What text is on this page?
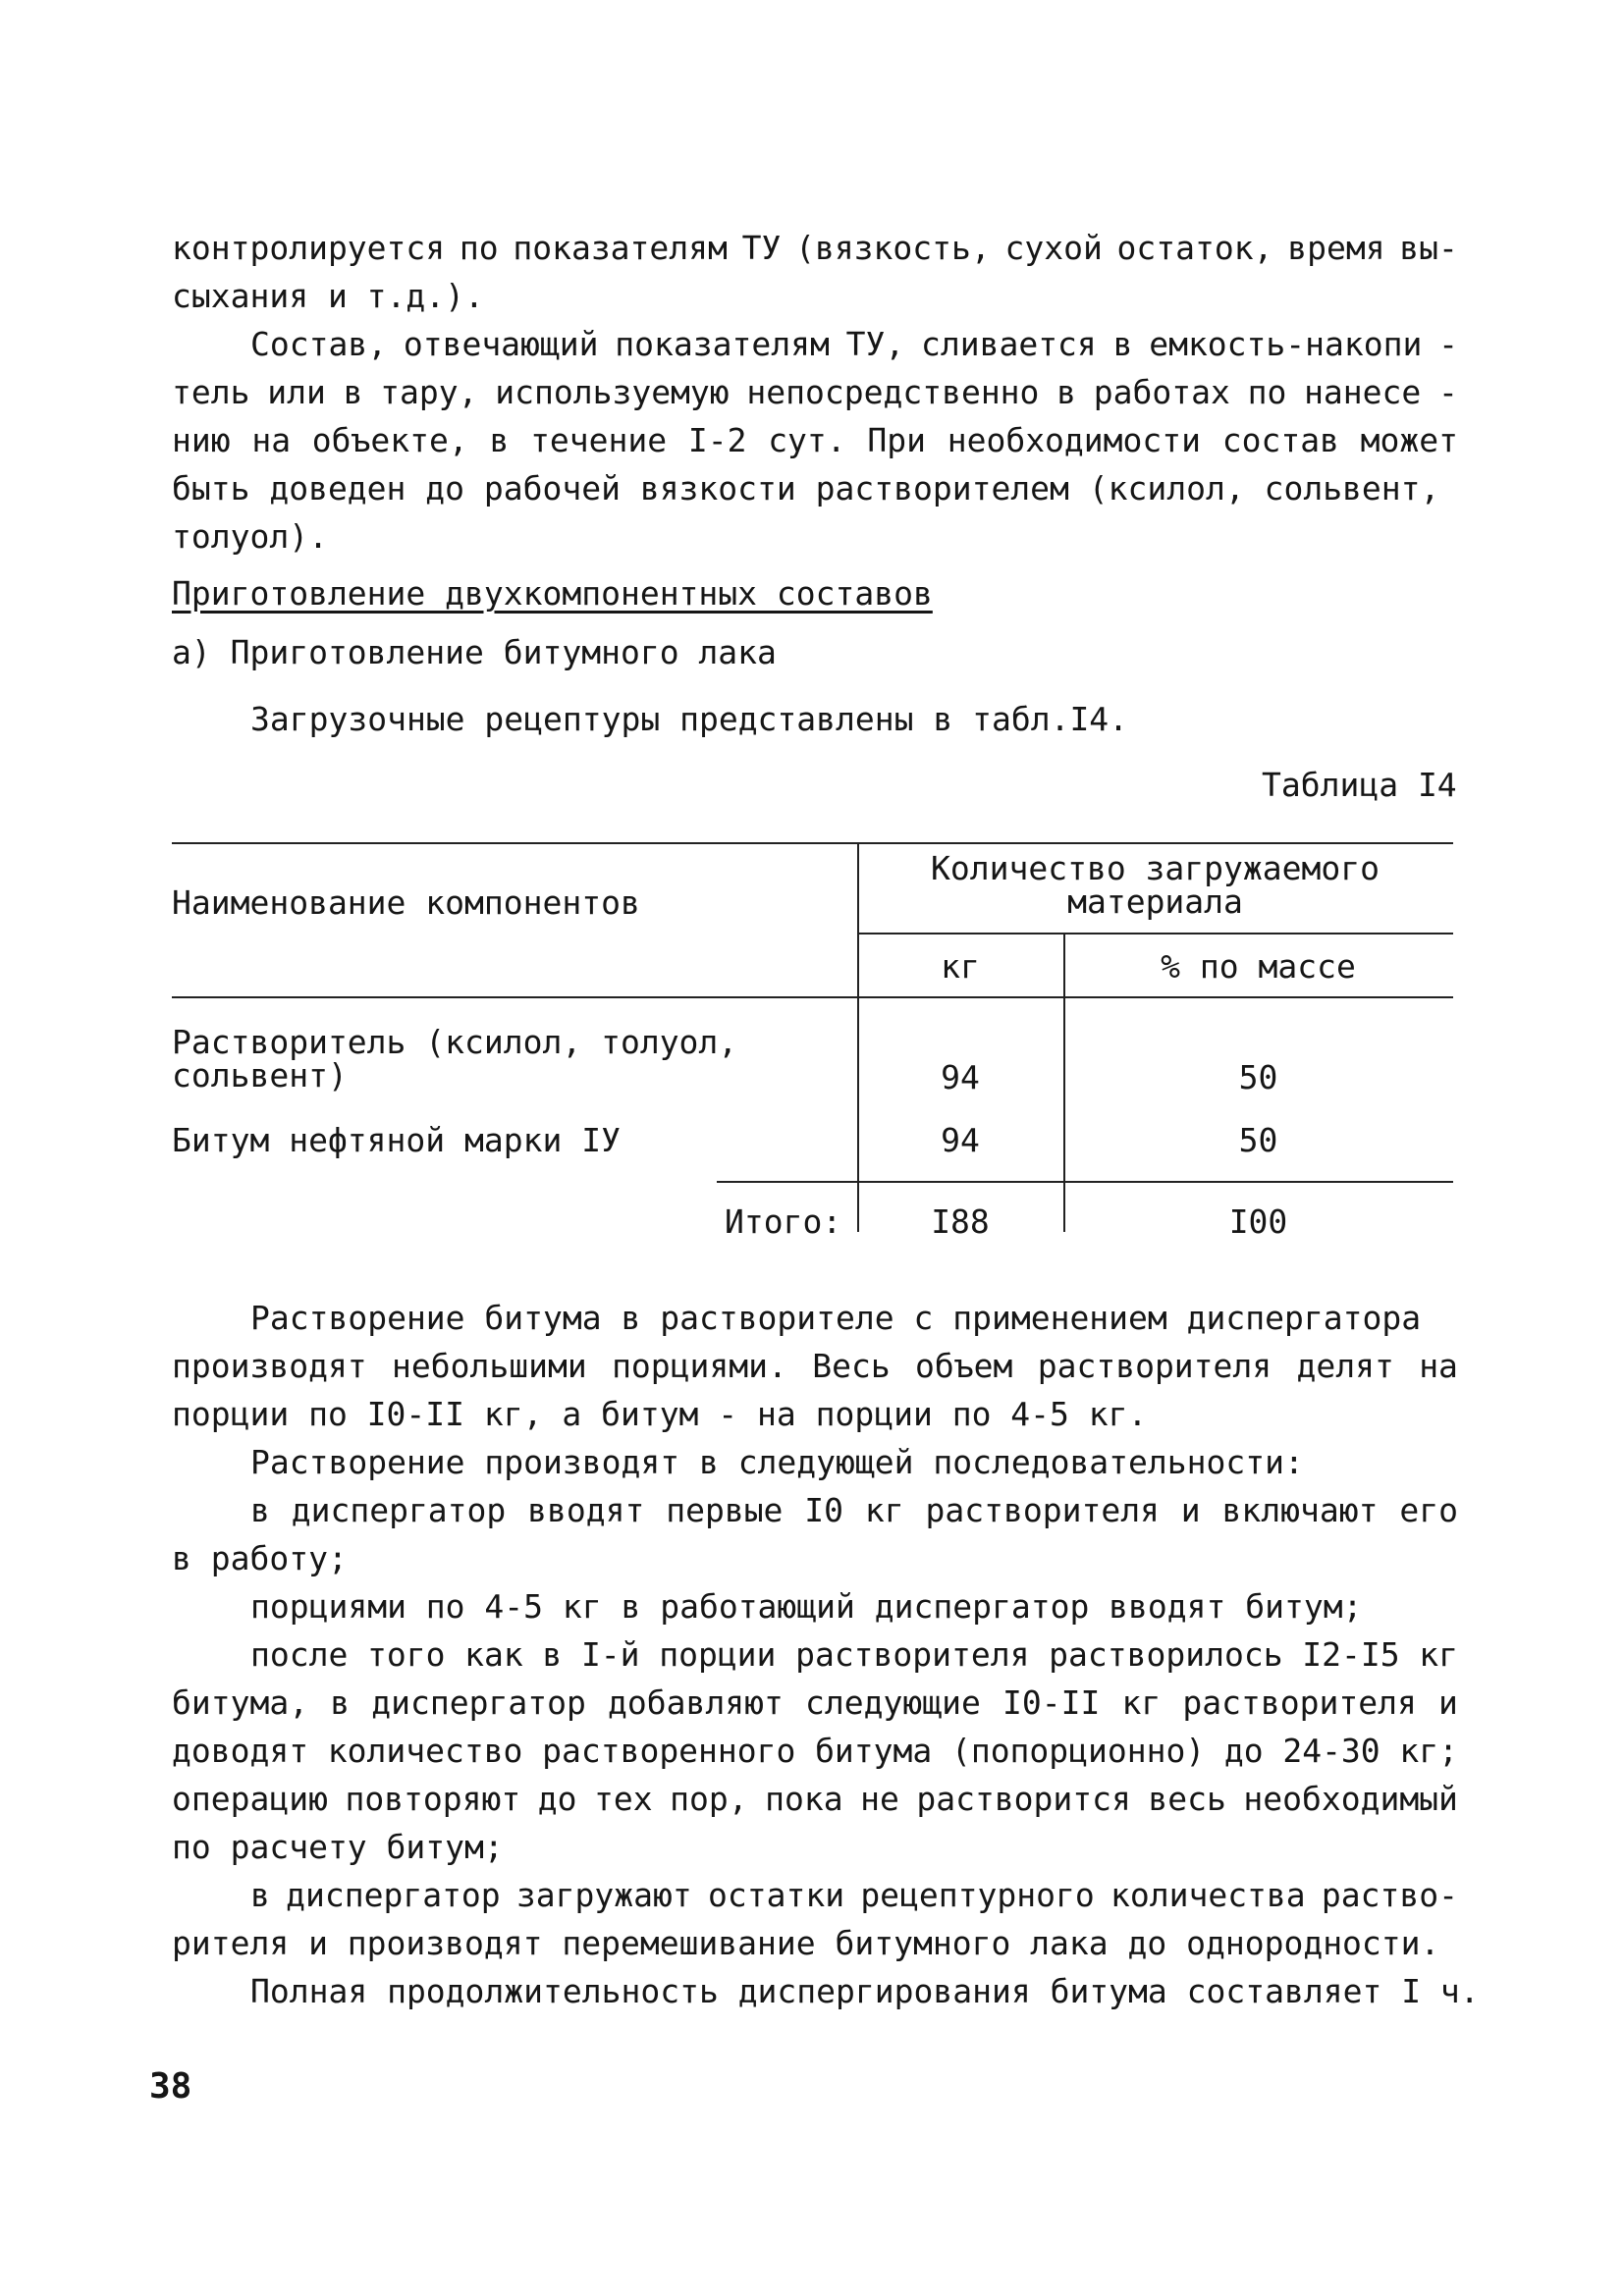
контролируется по показателям ТУ (вязкость, сухой остаток, время вы-
сыхания и т.д.).
Состав, отвечающий показателям ТУ, сливается в емкость-накопи -
тель или в тару, используемую непосредственно в работах по нанесе -
нию на объекте, в течение I-2 сут. При необходимости состав может
быть доведен до рабочей вязкости растворителем (ксилол, сольвент,
толуол).
Приготовление двухкомпонентных составов
а) Приготовление битумного лака
Загрузочные рецептуры представлены в табл.I4.
Таблица I4
Наименование компонентов
Количество загружаемого
материала
кг	% по массе
Растворитель (ксилол, толуол,
сольвент)	94	50
Битум нефтяной марки IУ	94	50
Итого:	I88	I00
Растворение битума в растворителе с применением диспергатора
производят небольшими порциями. Весь объем растворителя делят на
порции по I0-II кг, а битум - на порции по 4-5 кг.
Растворение производят в следующей последовательности:
в диспергатор вводят первые I0 кг растворителя и включают его
в работу;
порциями по 4-5 кг в работающий диспергатор вводят битум;
после того как в I-й порции растворителя растворилось I2-I5 кг
битума, в диспергатор добавляют следующие I0-II кг растворителя и
доводят количество растворенного битума (попорционно) до 24-30 кг;
операцию повторяют до тех пор, пока не растворится весь необходимый
по расчету битум;
в диспергатор загружают остатки рецептурного количества раство-
рителя и производят перемешивание битумного лака до однородности.
Полная продолжительность диспергирования битума составляет I ч.
38
